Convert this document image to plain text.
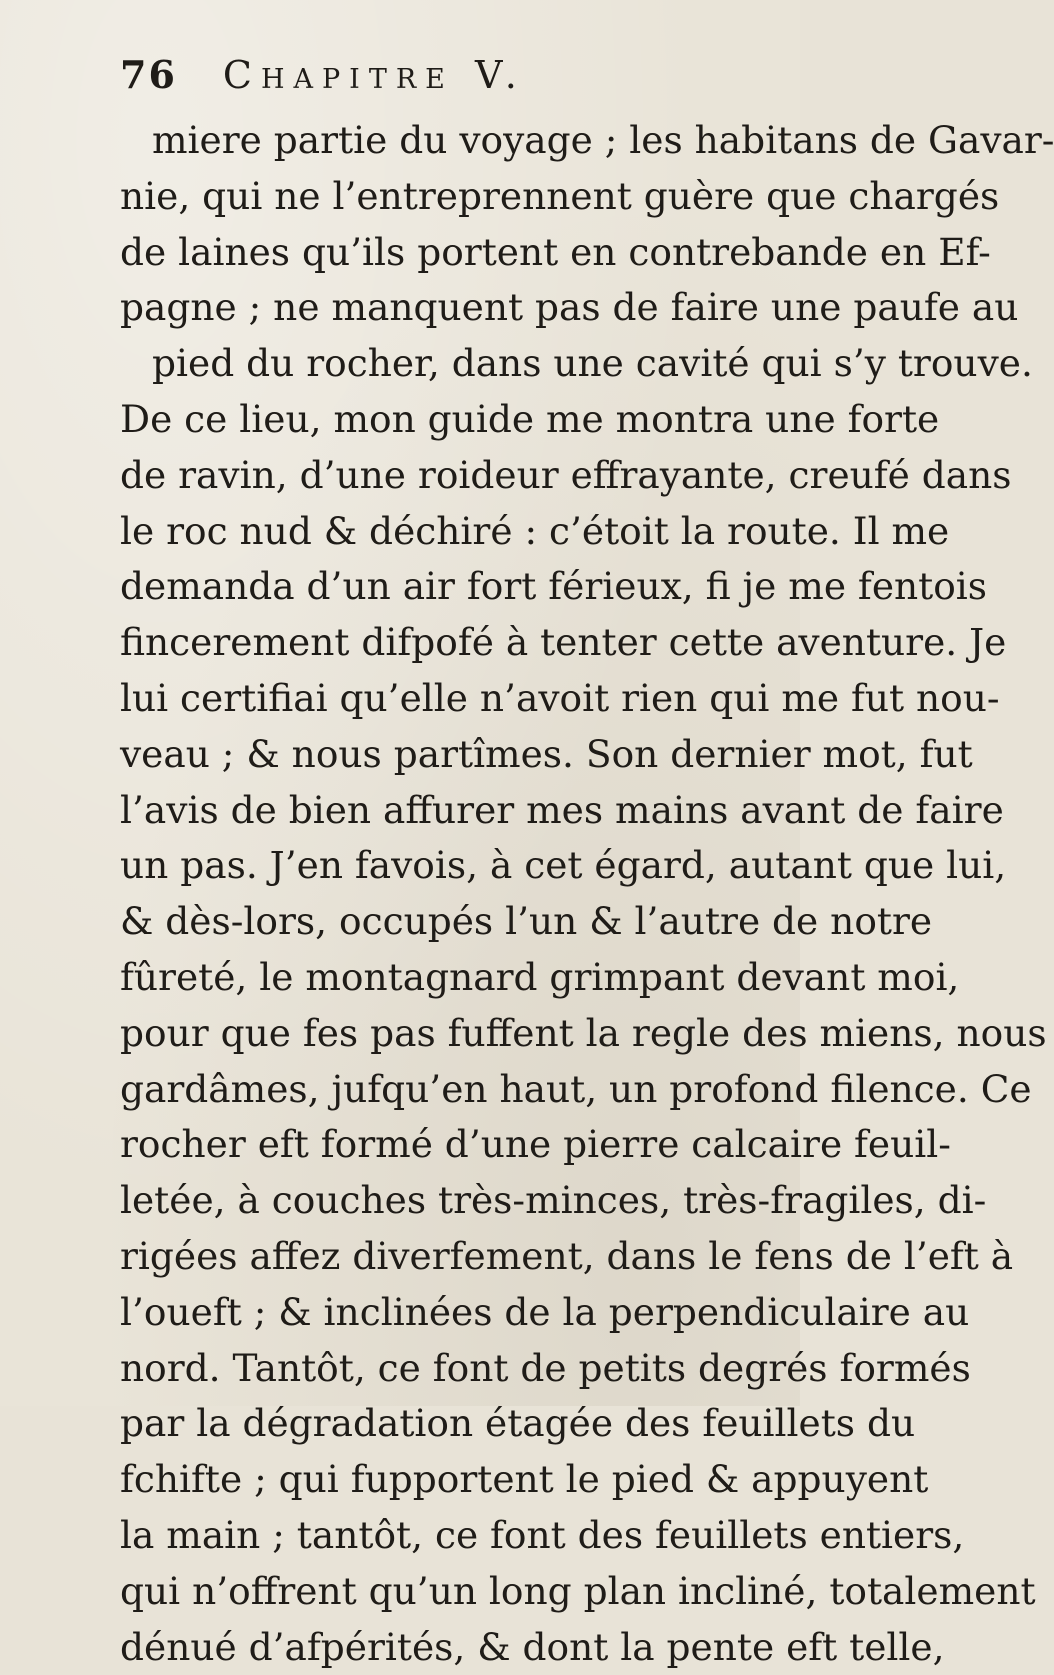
76 Chapitre V.
miere partie du voyage ; les habitans de Gavar-
nie, qui ne l’entreprennent guère que chargés
de laines qu’ils portent en contrebande en Ef-
pagne ; ne manquent pas de faire une paufe au
pied du rocher, dans une cavité qui s’y trouve.
De ce lieu, mon guide me montra une forte
de ravin, d’une roideur effrayante, creufé dans
le roc nud & déchiré : c’étoit la route. Il me
demanda d’un air fort férieux, fi je me fentois
fincerement difpofé à tenter cette aventure. Je
lui certifiai qu’elle n’avoit rien qui me fut nou-
veau ; & nous partîmes. Son dernier mot, fut
l’avis de bien affurer mes mains avant de faire
un pas. J’en favois, à cet égard, autant que lui,
& dès-lors, occupés l’un & l’autre de notre
fûreté, le montagnard grimpant devant moi,
pour que fes pas fuffent la regle des miens, nous
gardâmes, jufqu’en haut, un profond filence. Ce
rocher eft formé d’une pierre calcaire feuil-
letée, à couches très-minces, très-fragiles, di-
rigées affez diverfement, dans le fens de l’eft à
l’oueft ; & inclinées de la perpendiculaire au
nord. Tantôt, ce font de petits degrés formés
par la dégradation étagée des feuillets du
fchifte ; qui fupportent le pied & appuyent
la main ; tantôt, ce font des feuillets entiers,
qui n’offrent qu’un long plan incliné, totalement
dénué d’afpérités, & dont la pente eft telle,
